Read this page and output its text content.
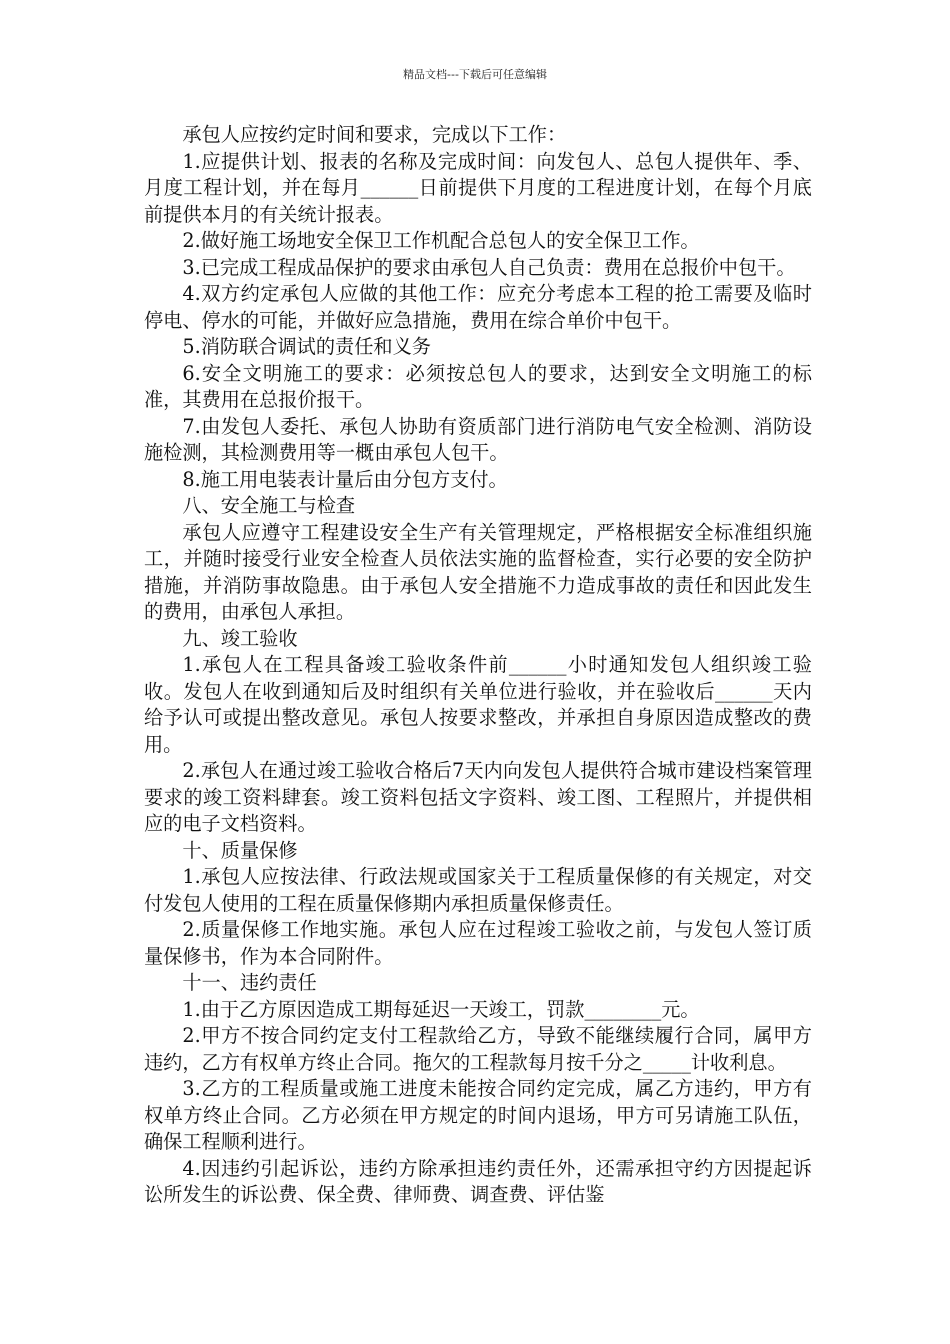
精品文档---下载后可任意编辑

承包人应按约定时间和要求，完成以下工作：

1.应提供计划、报表的名称及完成时间：向发包人、总包人提供年、季、月度工程计划，并在每月______日前提供下月度的工程进度计划，在每个月底前提供本月的有关统计报表。

2.做好施工场地安全保卫工作机配合总包人的安全保卫工作。

3.已完成工程成品保护的要求由承包人自己负责：费用在总报价中包干。

4.双方约定承包人应做的其他工作：应充分考虑本工程的抢工需要及临时停电、停水的可能，并做好应急措施，费用在综合单价中包干。

5.消防联合调试的责任和义务

6.安全文明施工的要求：必须按总包人的要求，达到安全文明施工的标准，其费用在总报价报干。

7.由发包人委托、承包人协助有资质部门进行消防电气安全检测、消防设施检测，其检测费用等一概由承包人包干。

8.施工用电装表计量后由分包方支付。

八、安全施工与检查

承包人应遵守工程建设安全生产有关管理规定，严格根据安全标准组织施工，并随时接受行业安全检查人员依法实施的监督检查，实行必要的安全防护措施，并消防事故隐患。由于承包人安全措施不力造成事故的责任和因此发生的费用，由承包人承担。

九、竣工验收

1.承包人在工程具备竣工验收条件前______小时通知发包人组织竣工验收。发包人在收到通知后及时组织有关单位进行验收，并在验收后______天内给予认可或提出整改意见。承包人按要求整改，并承担自身原因造成整改的费用。

2.承包人在通过竣工验收合格后7天内向发包人提供符合城市建设档案管理要求的竣工资料肆套。竣工资料包括文字资料、竣工图、工程照片，并提供相应的电子文档资料。

十、质量保修

1.承包人应按法律、行政法规或国家关于工程质量保修的有关规定，对交付发包人使用的工程在质量保修期内承担质量保修责任。

2.质量保修工作地实施。承包人应在过程竣工验收之前，与发包人签订质量保修书，作为本合同附件。

十一、违约责任

1.由于乙方原因造成工期每延迟一天竣工，罚款________元。

2.甲方不按合同约定支付工程款给乙方，导致不能继续履行合同，属甲方违约，乙方有权单方终止合同。拖欠的工程款每月按千分之_____计收利息。

3.乙方的工程质量或施工进度未能按合同约定完成，属乙方违约，甲方有权单方终止合同。乙方必须在甲方规定的时间内退场，甲方可另请施工队伍，确保工程顺利进行。

4.因违约引起诉讼，违约方除承担违约责任外，还需承担守约方因提起诉讼所发生的诉讼费、保全费、律师费、调查费、评估鉴
